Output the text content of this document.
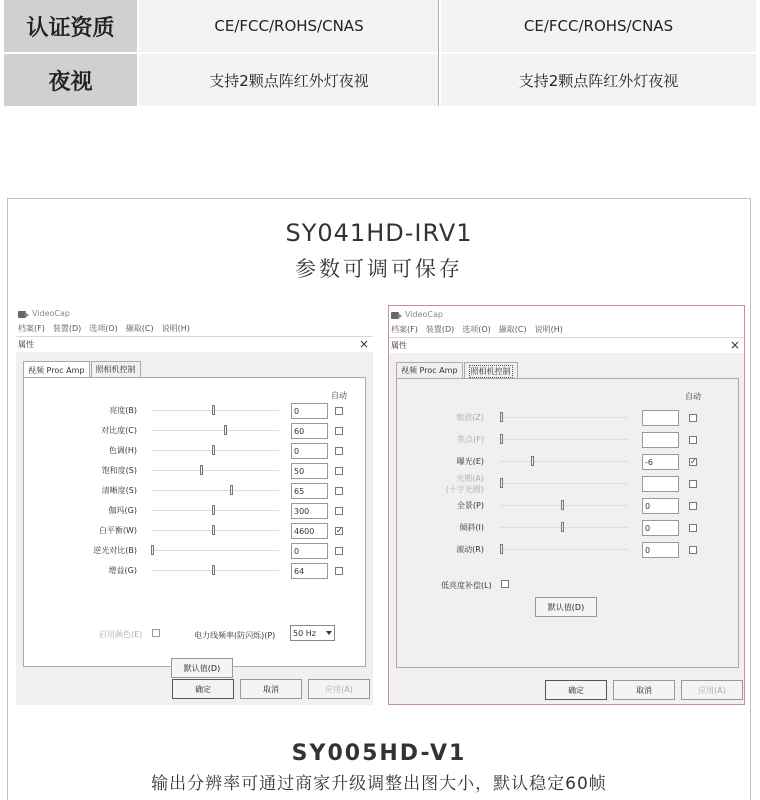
认证资质	CE/FCC/ROHS/CNAS	CE/FCC/ROHS/CNAS
夜视	支持2颗点阵红外灯夜视	支持2颗点阵红外灯夜视
SY041HD-IRV1
参数可调可保存
VideoCap
档案(F) 装置(D) 选项(O) 撷取(C) 说明(H)
属性	×
视频 Proc Amp 照相机控制
自动
亮度(B)	0
对比度(C)	60
色调(H)	0
饱和度(S)	50
清晰度(S)	65
伽玛(G)	300
白平衡(W)	4600	✓
逆光对比(B)	0
增益(G)	64
启用颜色(E)	电力线频率(防闪烁)(P)	50 Hz
默认值(D)
确定	取消	应用(A)
VideoCap
档案(F) 装置(D) 选项(O) 撷取(C) 说明(H)
属性	×
视频 Proc Amp 照相机控制
自动
缩放(Z)
焦点(F)
曝光(E)	-6	✓
光圈(A)
(十字光圈)
全景(P)	0
倾斜(I)	0
滚动(R)	0
低亮度补偿(L)
默认值(D)
确定	取消	应用(A)
SY005HD-V1
输出分辨率可通过商家升级调整出图大小，默认稳定60帧
